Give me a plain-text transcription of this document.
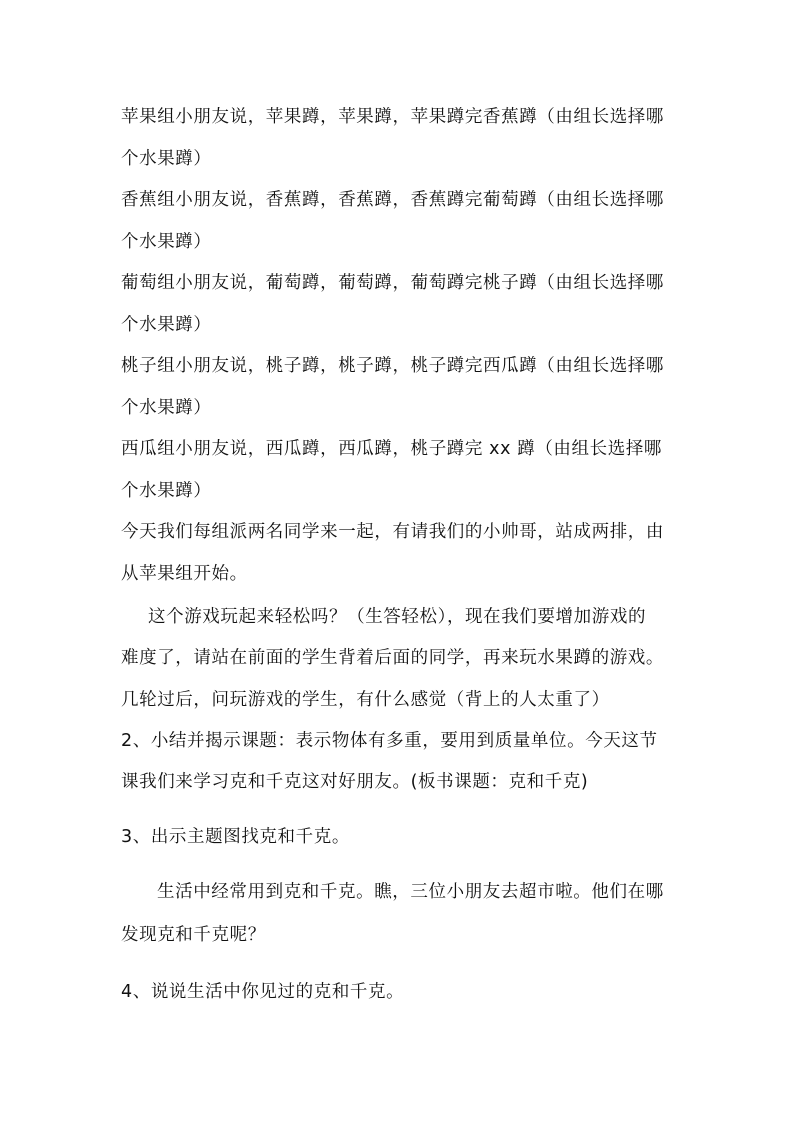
苹果组小朋友说，苹果蹲，苹果蹲，苹果蹲完香蕉蹲（由组长选择哪
个水果蹲）
香蕉组小朋友说，香蕉蹲，香蕉蹲，香蕉蹲完葡萄蹲（由组长选择哪
个水果蹲）
葡萄组小朋友说，葡萄蹲，葡萄蹲，葡萄蹲完桃子蹲（由组长选择哪
个水果蹲）
桃子组小朋友说，桃子蹲，桃子蹲，桃子蹲完西瓜蹲（由组长选择哪
个水果蹲）
西瓜组小朋友说，西瓜蹲，西瓜蹲，桃子蹲完 xx 蹲（由组长选择哪
个水果蹲）
今天我们每组派两名同学来一起，有请我们的小帅哥，站成两排，由
从苹果组开始。
这个游戏玩起来轻松吗？（生答轻松），现在我们要增加游戏的
难度了，请站在前面的学生背着后面的同学，再来玩水果蹲的游戏。
几轮过后，问玩游戏的学生，有什么感觉（背上的人太重了）
2、小结并揭示课题：表示物体有多重，要用到质量单位。今天这节
课我们来学习克和千克这对好朋友。(板书课题：克和千克)
3、出示主题图找克和千克。
生活中经常用到克和千克。瞧，三位小朋友去超市啦。他们在哪
发现克和千克呢？
4、说说生活中你见过的克和千克。
